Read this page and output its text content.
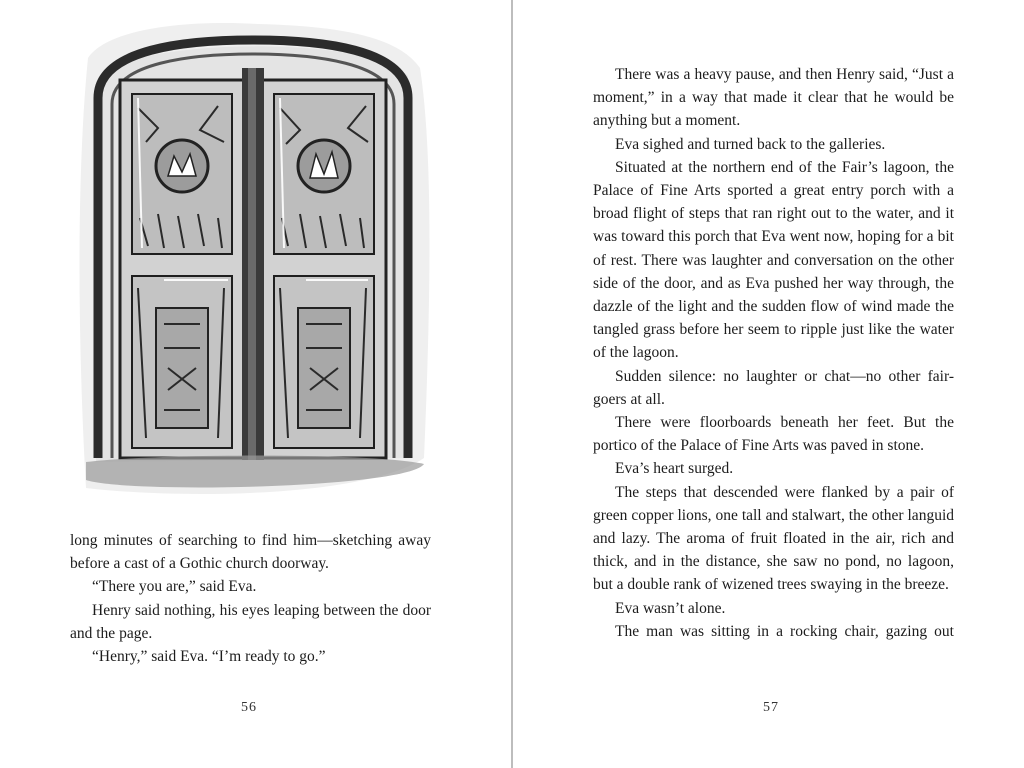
long minutes of searching to find him—sketching away before a cast of a Gothic church doorway.

“There you are,” said Eva.

Henry said nothing, his eyes leaping between the door and the page.

“Henry,” said Eva. “I’m ready to go.”

56

There was a heavy pause, and then Henry said, “Just a moment,” in a way that made it clear that he would be anything but a moment.

Eva sighed and turned back to the galleries.

Situated at the northern end of the Fair’s lagoon, the Palace of Fine Arts sported a great entry porch with a broad flight of steps that ran right out to the water, and it was toward this porch that Eva went now, hoping for a bit of rest. There was laughter and conversation on the other side of the door, and as Eva pushed her way through, the dazzle of the light and the sudden flow of wind made the tangled grass before her seem to ripple just like the water of the lagoon.

Sudden silence: no laughter or chat—no other fair-goers at all.

There were floorboards beneath her feet. But the portico of the Palace of Fine Arts was paved in stone.

Eva’s heart surged.

The steps that descended were flanked by a pair of green copper lions, one tall and stalwart, the other languid and lazy. The aroma of fruit floated in the air, rich and thick, and in the distance, she saw no pond, no lagoon, but a double rank of wizened trees swaying in the breeze.

Eva wasn’t alone.

The man was sitting in a rocking chair, gazing out

57
